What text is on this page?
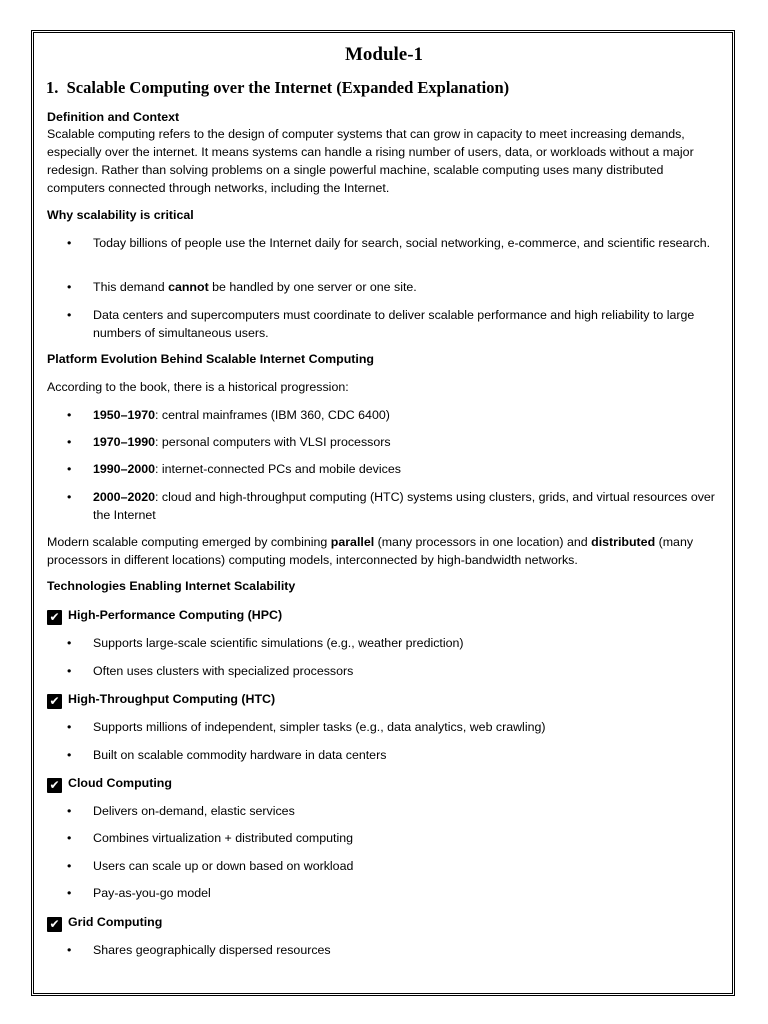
Module-1
1.  Scalable Computing over the Internet (Expanded Explanation)
Definition and Context
Scalable computing refers to the design of computer systems that can grow in capacity to meet increasing demands, especially over the internet. It means systems can handle a rising number of users, data, or workloads without a major redesign. Rather than solving problems on a single powerful machine, scalable computing uses many distributed computers connected through networks, including the Internet.
Why scalability is critical
•	Today billions of people use the Internet daily for search, social networking, e-commerce, and scientific research.
•	This demand cannot be handled by one server or one site.
•	Data centers and supercomputers must coordinate to deliver scalable performance and high reliability to large numbers of simultaneous users.
Platform Evolution Behind Scalable Internet Computing
According to the book, there is a historical progression:
•	1950–1970: central mainframes (IBM 360, CDC 6400)
•	1970–1990: personal computers with VLSI processors
•	1990–2000: internet-connected PCs and mobile devices
•	2000–2020: cloud and high-throughput computing (HTC) systems using clusters, grids, and virtual resources over the Internet
Modern scalable computing emerged by combining parallel (many processors in one location) and distributed (many processors in different locations) computing models, interconnected by high-bandwidth networks.
Technologies Enabling Internet Scalability
✔ High-Performance Computing (HPC)
•	Supports large-scale scientific simulations (e.g., weather prediction)
•	Often uses clusters with specialized processors
✔ High-Throughput Computing (HTC)
•	Supports millions of independent, simpler tasks (e.g., data analytics, web crawling)
•	Built on scalable commodity hardware in data centers
✔ Cloud Computing
•	Delivers on-demand, elastic services
•	Combines virtualization + distributed computing
•	Users can scale up or down based on workload
•	Pay-as-you-go model
✔ Grid Computing
•	Shares geographically dispersed resources
